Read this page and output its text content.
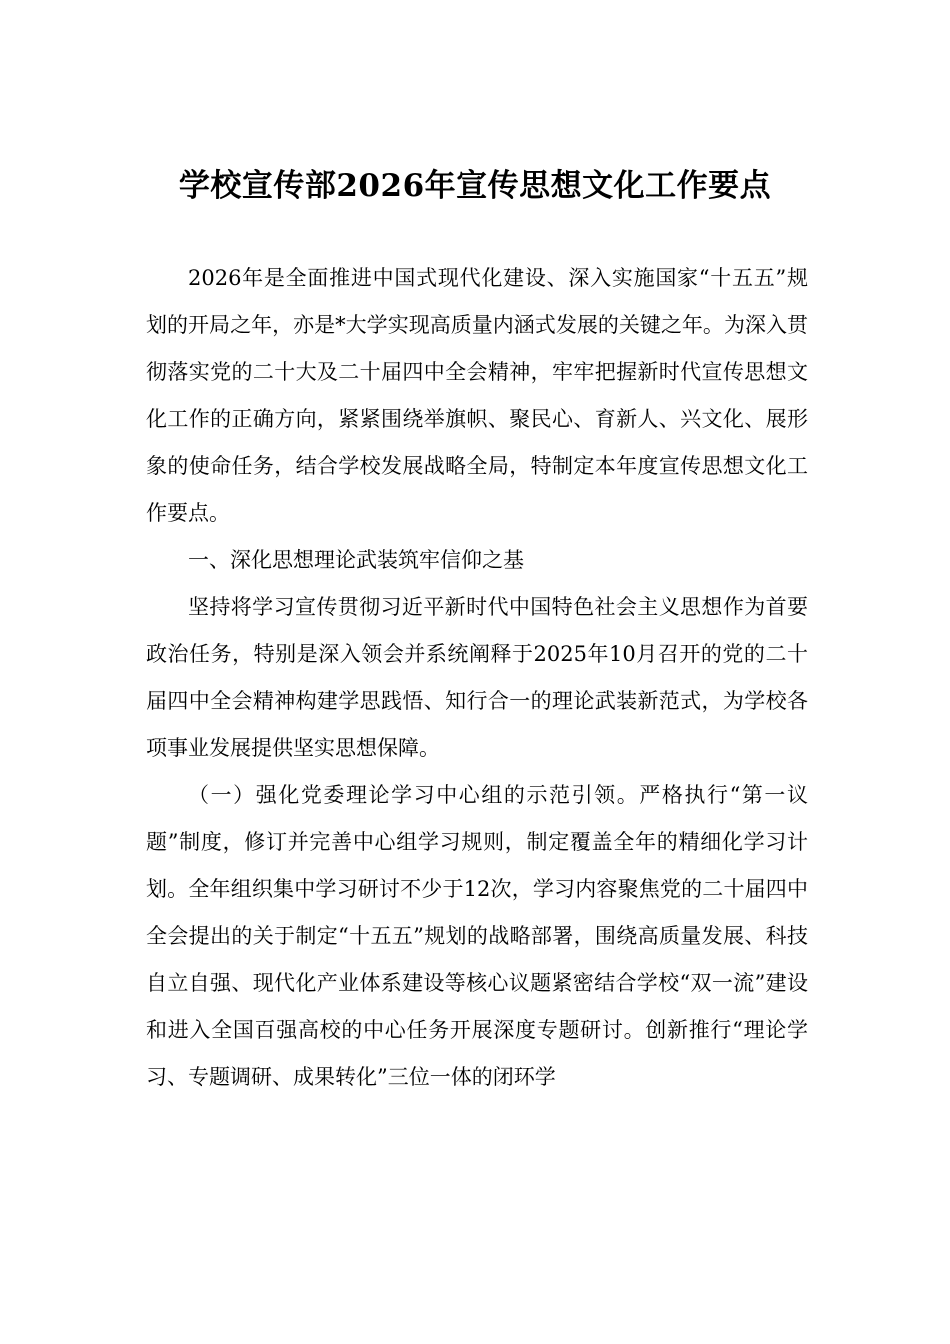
学校宣传部2026年宣传思想文化工作要点

2026年是全面推进中国式现代化建设、深入实施国家“十五五”规划的开局之年，亦是*大学实现高质量内涵式发展的关键之年。为深入贯彻落实党的二十大及二十届四中全会精神，牢牢把握新时代宣传思想文化工作的正确方向，紧紧围绕举旗帜、聚民心、育新人、兴文化、展形象的使命任务，结合学校发展战略全局，特制定本年度宣传思想文化工作要点。

一、深化思想理论武装筑牢信仰之基

坚持将学习宣传贯彻习近平新时代中国特色社会主义思想作为首要政治任务，特别是深入领会并系统阐释于2025年10月召开的党的二十届四中全会精神构建学思践悟、知行合一的理论武装新范式，为学校各项事业发展提供坚实思想保障。

（一）强化党委理论学习中心组的示范引领。严格执行“第一议题”制度，修订并完善中心组学习规则，制定覆盖全年的精细化学习计划。全年组织集中学习研讨不少于12次，学习内容聚焦党的二十届四中全会提出的关于制定“十五五”规划的战略部署，围绕高质量发展、科技自立自强、现代化产业体系建设等核心议题紧密结合学校“双一流”建设和进入全国百强高校的中心任务开展深度专题研讨。创新推行“理论学习、专题调研、成果转化”三位一体的闭环学
